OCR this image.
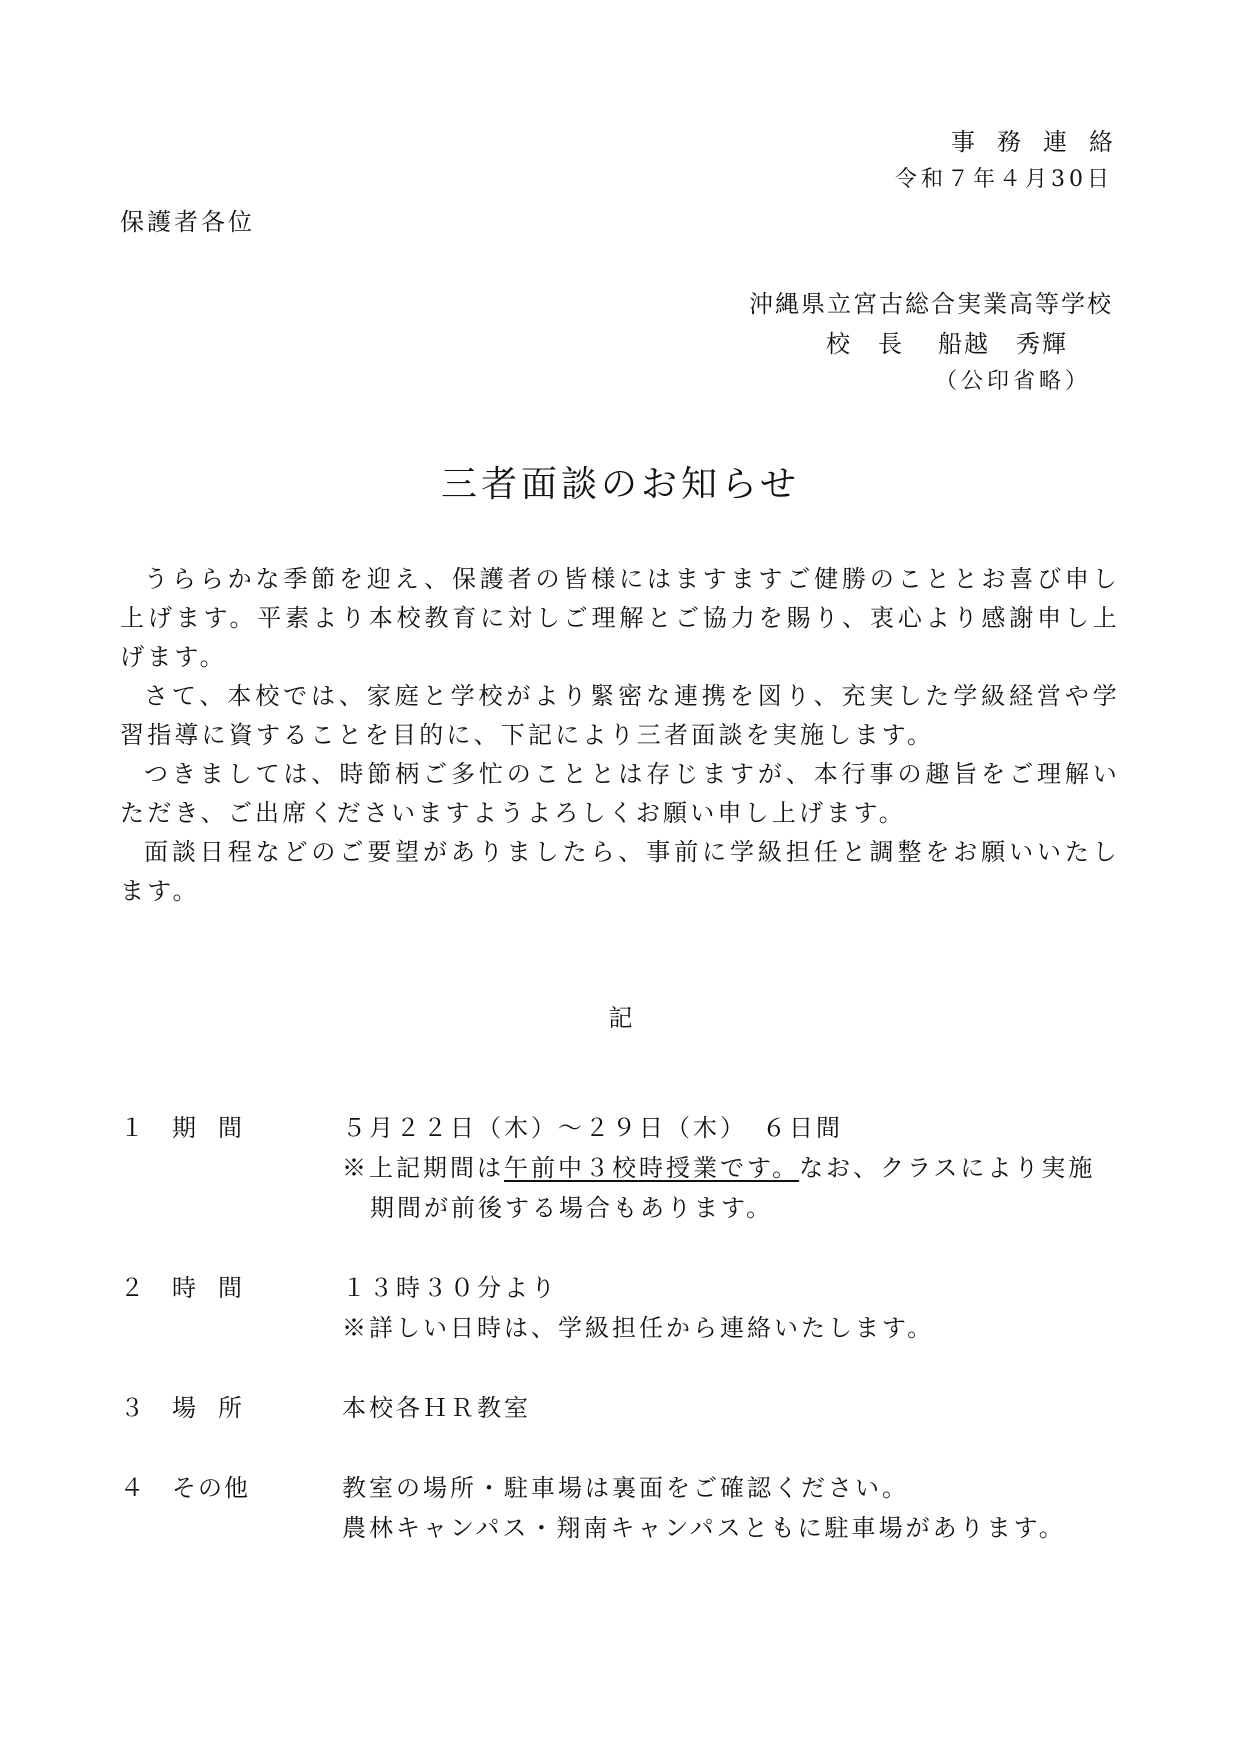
事務連絡

令和７年４月30日

保護者各位

沖縄県立宮古総合実業高等学校

校　長 船越　秀輝

（公印省略）

三者面談のお知らせ

うららかな季節を迎え、保護者の皆様にはますますご健勝のこととお喜び申し上げます。平素より本校教育に対しご理解とご協力を賜り、衷心より感謝申し上げます。

さて、本校では、家庭と学校がより緊密な連携を図り、充実した学級経営や学習指導に資することを目的に、下記により三者面談を実施します。

つきましては、時節柄ご多忙のこととは存じますが、本行事の趣旨をご理解いただき、ご出席くださいますようよろしくお願い申し上げます。

面談日程などのご要望がありましたら、事前に学級担任と調整をお願いいたします。

記

１	期間	５月２２日（木）～２９日（木）　６日間
※上記期間は午前中３校時授業です。なお、クラスにより実施
期間が前後する場合もあります。
２	時間	１３時３０分より
※詳しい日時は、学級担任から連絡いたします。
３	場所	本校各ＨＲ教室
４	その他	教室の場所・駐車場は裏面をご確認ください。
農林キャンパス・翔南キャンパスともに駐車場があります。
